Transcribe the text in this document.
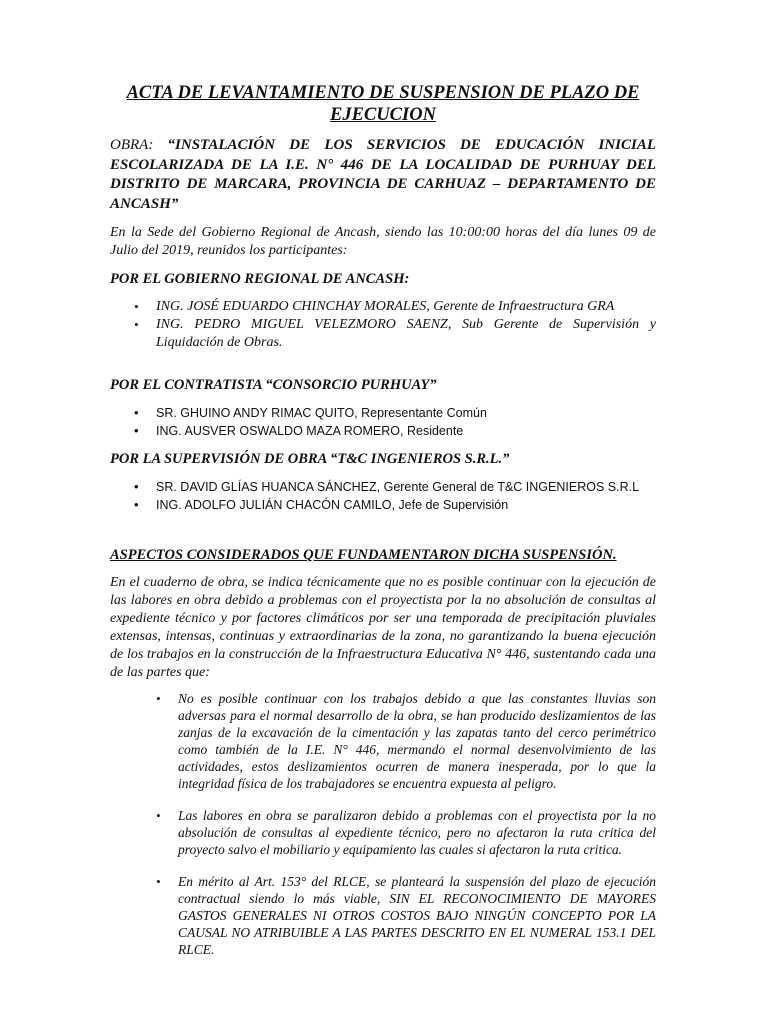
ACTA DE LEVANTAMIENTO DE SUSPENSION DE PLAZO DE EJECUCION

OBRA: “INSTALACIÓN DE LOS SERVICIOS DE EDUCACIÓN INICIAL ESCOLARIZADA DE LA I.E. N° 446 DE LA LOCALIDAD DE PURHUAY DEL DISTRITO DE MARCARA, PROVINCIA DE CARHUAZ – DEPARTAMENTO DE ANCASH”

En la Sede del Gobierno Regional de Ancash, siendo las 10:00:00 horas del día lunes 09 de Julio del 2019, reunidos los participantes:

POR EL GOBIERNO REGIONAL DE ANCASH:
• ING. JOSÉ EDUARDO CHINCHAY MORALES, Gerente de Infraestructura GRA
• ING. PEDRO MIGUEL VELEZMORO SAENZ, Sub Gerente de Supervisión y Liquidación de Obras.
POR EL CONTRATISTA “CONSORCIO PURHUAY”
• SR. GHUINO ANDY RIMAC QUITO, Representante Común
• ING. AUSVER OSWALDO MAZA ROMERO, Residente
POR LA SUPERVISIÓN DE OBRA “T&C INGENIEROS S.R.L.”
• SR. DAVID GLÍAS HUANCA SÁNCHEZ, Gerente General de T&C INGENIEROS S.R.L
• ING. ADOLFO JULIÁN CHACÓN CAMILO, Jefe de Supervisión
ASPECTOS CONSIDERADOS QUE FUNDAMENTARON DICHA SUSPENSIÓN.

En el cuaderno de obra, se indica técnicamente que no es posible continuar con la ejecución de las labores en obra debido a problemas con el proyectista por la no absolución de consultas al expediente técnico y por factores climáticos por ser una temporada de precipitación pluviales extensas, intensas, continuas y extraordinarias de la zona, no garantizando la buena ejecución de los trabajos en la construcción de la Infraestructura Educativa N° 446, sustentando cada una de las partes que:

• No es posible continuar con los trabajos debido a que las constantes lluvias son adversas para el normal desarrollo de la obra, se han producido deslizamientos de las zanjas de la excavación de la cimentación y las zapatas tanto del cerco perimétrico como también de la I.E. N° 446, mermando el normal desenvolvimiento de las actividades, estos deslizamientos ocurren de manera inesperada, por lo que la integridad física de los trabajadores se encuentra expuesta al peligro.
• Las labores en obra se paralizaron debido a problemas con el proyectista por la no absolución de consultas al expediente técnico, pero no afectaron la ruta critica del proyecto salvo el mobiliario y equipamiento las cuales si afectaron la ruta critica.
• En mérito al Art. 153° del RLCE, se planteará la suspensión del plazo de ejecución contractual siendo lo más viable, SIN EL RECONOCIMIENTO DE MAYORES GASTOS GENERALES NI OTROS COSTOS BAJO NINGÚN CONCEPTO POR LA CAUSAL NO ATRIBUIBLE A LAS PARTES DESCRITO EN EL NUMERAL 153.1 DEL RLCE.
